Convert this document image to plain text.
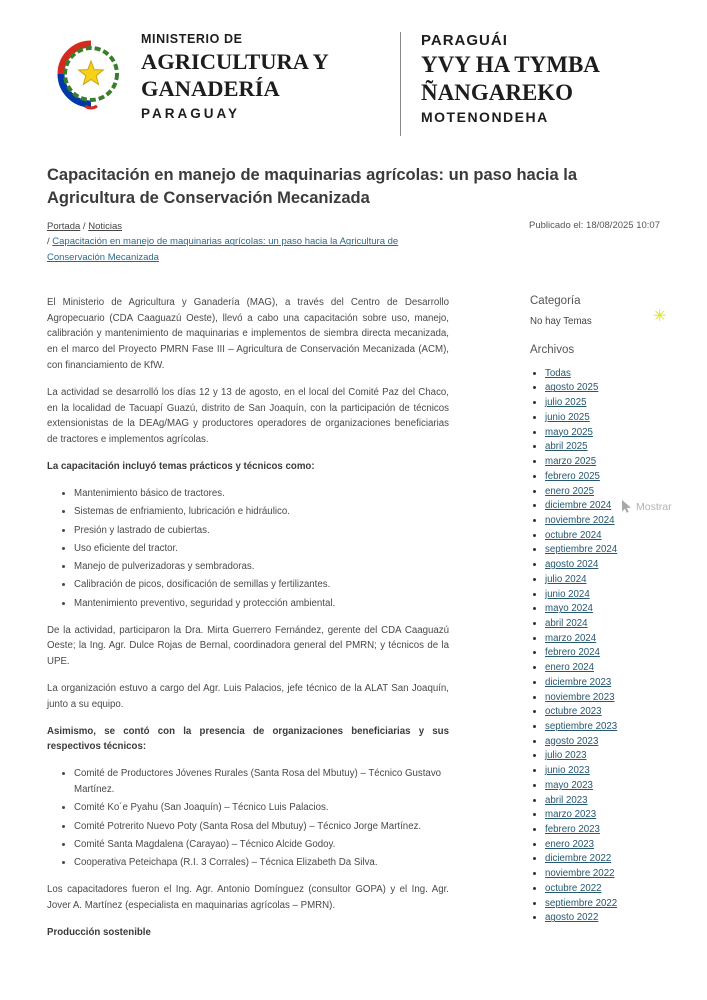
MINISTERIO DE
AGRICULTURA Y
GANADERÍA
PARAGUAY
PARAGUÁI
YVY HA TYMBA
ÑANGAREKO
MOTENONDEHA
Capacitación en manejo de maquinarias agrícolas: un paso hacia la Agricultura de Conservación Mecanizada
Portada / Noticias
/ Capacitación en manejo de maquinarias agrícolas: un paso hacia la Agricultura de Conservación Mecanizada
Publicado el: 18/08/2025 10:07

El Ministerio de Agricultura y Ganadería (MAG), a través del Centro de Desarrollo Agropecuario (CDA Caaguazú Oeste), llevó a cabo una capacitación sobre uso, manejo, calibración y mantenimiento de maquinarias e implementos de siembra directa mecanizada, en el marco del Proyecto PMRN Fase III – Agricultura de Conservación Mecanizada (ACM), con financiamiento de KfW.

La actividad se desarrolló los días 12 y 13 de agosto, en el local del Comité Paz del Chaco, en la localidad de Tacuapí Guazú, distrito de San Joaquín, con la participación de técnicos extensionistas de la DEAg/MAG y productores operadores de organizaciones beneficiarias de tractores e implementos agrícolas.

La capacitación incluyó temas prácticos y técnicos como:

• Mantenimiento básico de tractores.
• Sistemas de enfriamiento, lubricación e hidráulico.
• Presión y lastrado de cubiertas.
• Uso eficiente del tractor.
• Manejo de pulverizadoras y sembradoras.
• Calibración de picos, dosificación de semillas y fertilizantes.
• Mantenimiento preventivo, seguridad y protección ambiental.

De la actividad, participaron la Dra. Mirta Guerrero Fernández, gerente del CDA Caaguazú Oeste; la Ing. Agr. Dulce Rojas de Bernal, coordinadora general del PMRN; y técnicos de la UPE.

La organización estuvo a cargo del Agr. Luis Palacios, jefe técnico de la ALAT San Joaquín, junto a su equipo.

Asimismo, se contó con la presencia de organizaciones beneficiarias y sus respectivos técnicos:

• Comité de Productores Jóvenes Rurales (Santa Rosa del Mbutuy) – Técnico Gustavo Martínez.
• Comité Ko´e Pyahu (San Joaquín) – Técnico Luis Palacios.
• Comité Potrerito Nuevo Poty (Santa Rosa del Mbutuy) – Técnico Jorge Martínez.
• Comité Santa Magdalena (Carayao) – Técnico Alcide Godoy.
• Cooperativa Peteichapa (R.I. 3 Corrales) – Técnica Elizabeth Da Silva.

Los capacitadores fueron el Ing. Agr. Antonio Domínguez (consultor GOPA) y el Ing. Agr. Jover A. Martínez (especialista en maquinarias agrícolas – PMRN).

Producción sostenible

Categoría

No hay Temas

Archivos
• Todas
• agosto 2025
• julio 2025
• junio 2025
• mayo 2025
• abril 2025
• marzo 2025
• febrero 2025
• enero 2025
• diciembre 2024
• noviembre 2024
• octubre 2024
• septiembre 2024
• agosto 2024
• julio 2024
• junio 2024
• mayo 2024
• abril 2024
• marzo 2024
• febrero 2024
• enero 2024
• diciembre 2023
• noviembre 2023
• octubre 2023
• septiembre 2023
• agosto 2023
• julio 2023
• junio 2023
• mayo 2023
• abril 2023
• marzo 2023
• febrero 2023
• enero 2023
• diciembre 2022
• noviembre 2022
• octubre 2022
• septiembre 2022
• agosto 2022
Mostrar
✳
